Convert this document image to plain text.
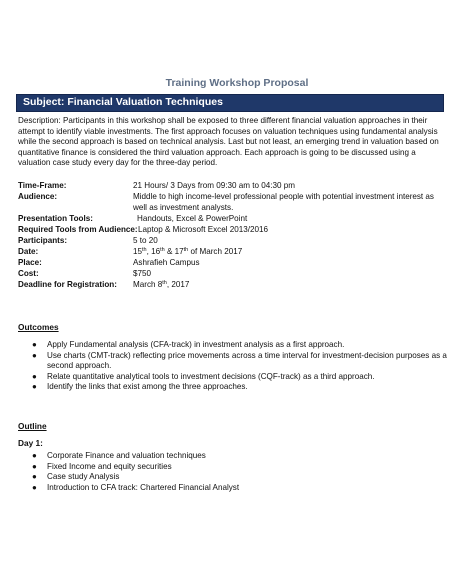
Training Workshop Proposal
Subject: Financial Valuation Techniques

Description: Participants in this workshop shall be exposed to three different financial valuation approaches in their
attempt to identify viable investments. The first approach focuses on valuation techniques using fundamental analysis
while the second approach is based on technical analysis. Last but not least, an emerging trend in valuation based on
quantitative finance is considered the third valuation approach. Each approach is going to be discussed using a
valuation case study every day for the three-day period.

Time-Frame:	21 Hours/ 3 Days from 09:30 am to 04:30 pm
Audience:	Middle to high income-level professional people with potential investment interest as
well as investment analysts.
Presentation Tools:	Handouts, Excel & PowerPoint
Required Tools from Audience: Laptop & Microsoft Excel 2013/2016
Participants:	5 to 20
Date:	15th, 16th & 17th of March 2017
Place:	Ashrafieh Campus
Cost:	$750
Deadline for Registration: March 8th, 2017
Outcomes
● Apply Fundamental analysis (CFA-track) in investment analysis as a first approach.
● Use charts (CMT-track) reflecting price movements across a time interval for investment-decision purposes as a
second approach.
● Relate quantitative analytical tools to investment decisions (CQF-track) as a third approach.
● Identify the links that exist among the three approaches.
Outline
Day 1:
● Corporate Finance and valuation techniques
● Fixed Income and equity securities
● Case study Analysis
● Introduction to CFA track: Chartered Financial Analyst
